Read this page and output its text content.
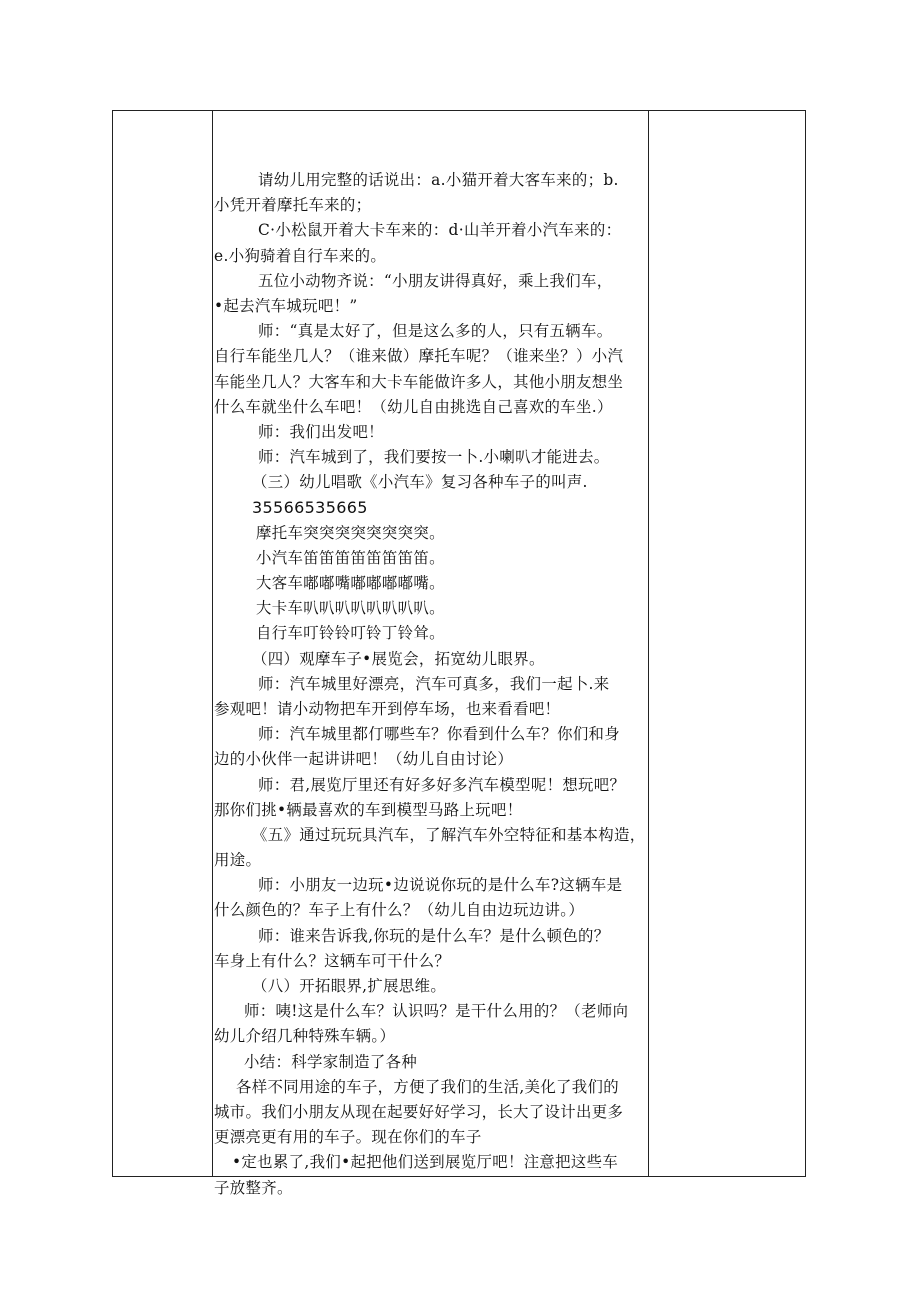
请幼儿用完整的话说出：a.小猫开着大客车来的；b.
小凭开着摩托车来的；
C·小松鼠开着大卡车来的：d·山羊开着小汽车来的：
e.小狗骑着自行车来的。
五位小动物齐说：“小朋友讲得真好，乘上我们车，
•起去汽车城玩吧！”
师：“真是太好了，但是这么多的人，只有五辆车。
自行车能坐几人？（谁来做）摩托车呢？（谁来坐？）小汽
车能坐几人？大客车和大卡车能做许多人，其他小朋友想坐
什么车就坐什么车吧！（幼儿自由挑选自己喜欢的车坐.）
师：我们出发吧！
师：汽车城到了，我们要按一卜.小喇叭才能进去。
（三）幼儿唱歌《小汽车》复习各种车子的叫声.
35566535665
摩托车突突突突突突突突。
小汽车笛笛笛笛笛笛笛笛。
大客车嘟嘟嘴嘟嘟嘟嘟嘴。
大卡车叭叭叭叭叭叭叭叭。
自行车叮铃铃叮铃丁铃耸。
（四）观摩车子•展览会，拓宽幼儿眼界。
师：汽车城里好漂亮，汽车可真多，我们一起卜.来
参观吧！请小动物把车开到停车场，也来看看吧！
师：汽车城里都仃哪些车？你看到什么车？你们和身
边的小伙伴一起讲讲吧！（幼儿自由讨论）
师：君,展览厅里还有好多好多汽车模型呢！想玩吧？
那你们挑•辆最喜欢的车到模型马路上玩吧！
《五》通过玩玩具汽车，了解汽车外空特征和基本构造，
用途。
师：小朋友一边玩•边说说你玩的是什么车?这辆车是
什么颜色的？车子上有什么？（幼儿自由边玩边讲。）
师：谁来告诉我,你玩的是什么车？是什么顿色的？
车身上有什么？这辆车可干什么？
（八）开拓眼界,扩展思维。
师：咦!这是什么车？认识吗？是干什么用的？（老师向
幼儿介绍几种特殊车辆。）
小结：科学家制造了各种
各样不同用途的车子，方便了我们的生活,美化了我们的
城市。我们小朋友从现在起要好好学习，长大了设计出更多
更漂亮更有用的车子。现在你们的车子
•定也累了,我们•起把他们送到展览厅吧！注意把这些车
子放整齐。
